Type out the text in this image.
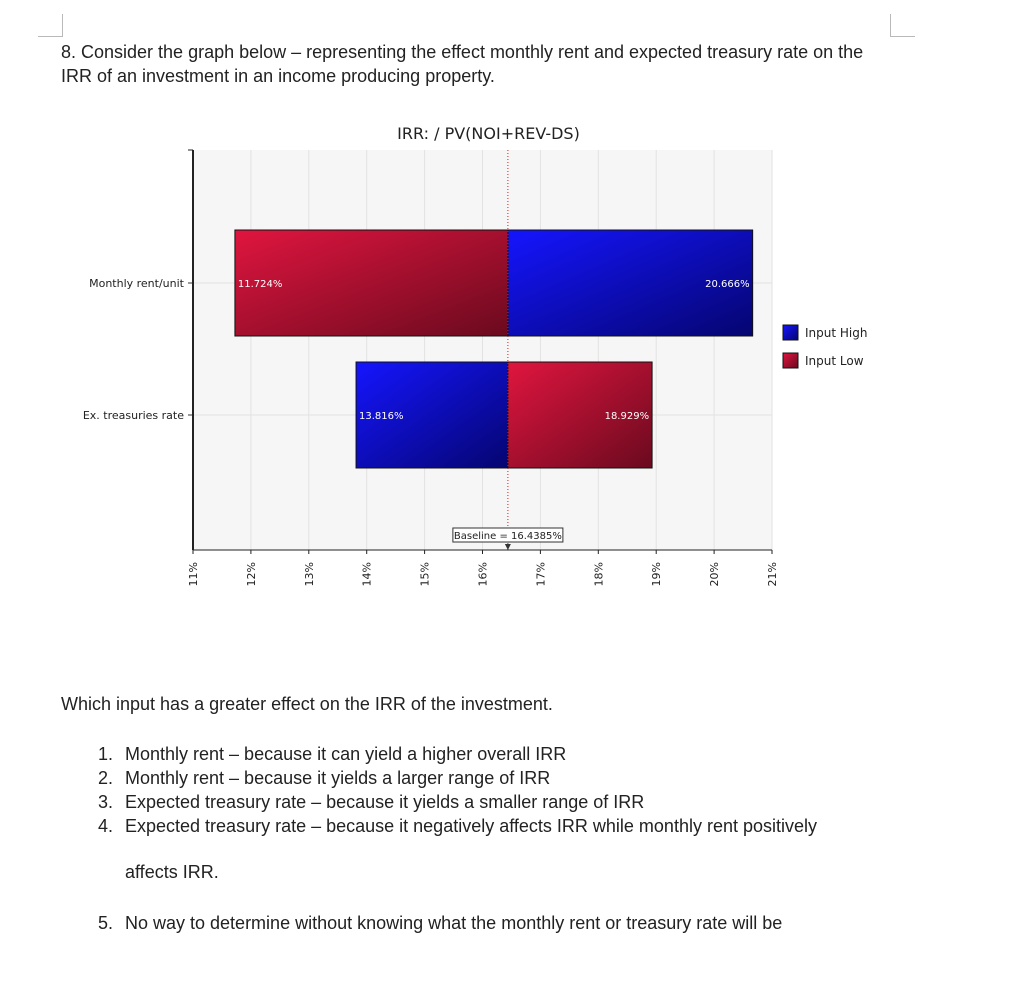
8. Consider the graph below – representing the effect monthly rent and expected treasury rate on the IRR of an investment in an income producing property.

IRR: / PV(NOI+REV-DS)
Monthly rent/unit	20.666%
11.724%
Ex. treasuries rate	13.816%	18.929%
Baseline = 16.4385%
11%	12%	13%	14%	15%	16%	17%	18%	19%	20%	21%
Input High
Input Low

Which input has a greater effect on the IRR of the investment.

1. Monthly rent – because it can yield a higher overall IRR
2. Monthly rent – because it yields a larger range of IRR
3. Expected treasury rate – because it yields a smaller range of IRR
4. Expected treasury rate – because it negatively affects IRR while monthly rent positively
affects IRR.
5. No way to determine without knowing what the monthly rent or treasury rate will be
